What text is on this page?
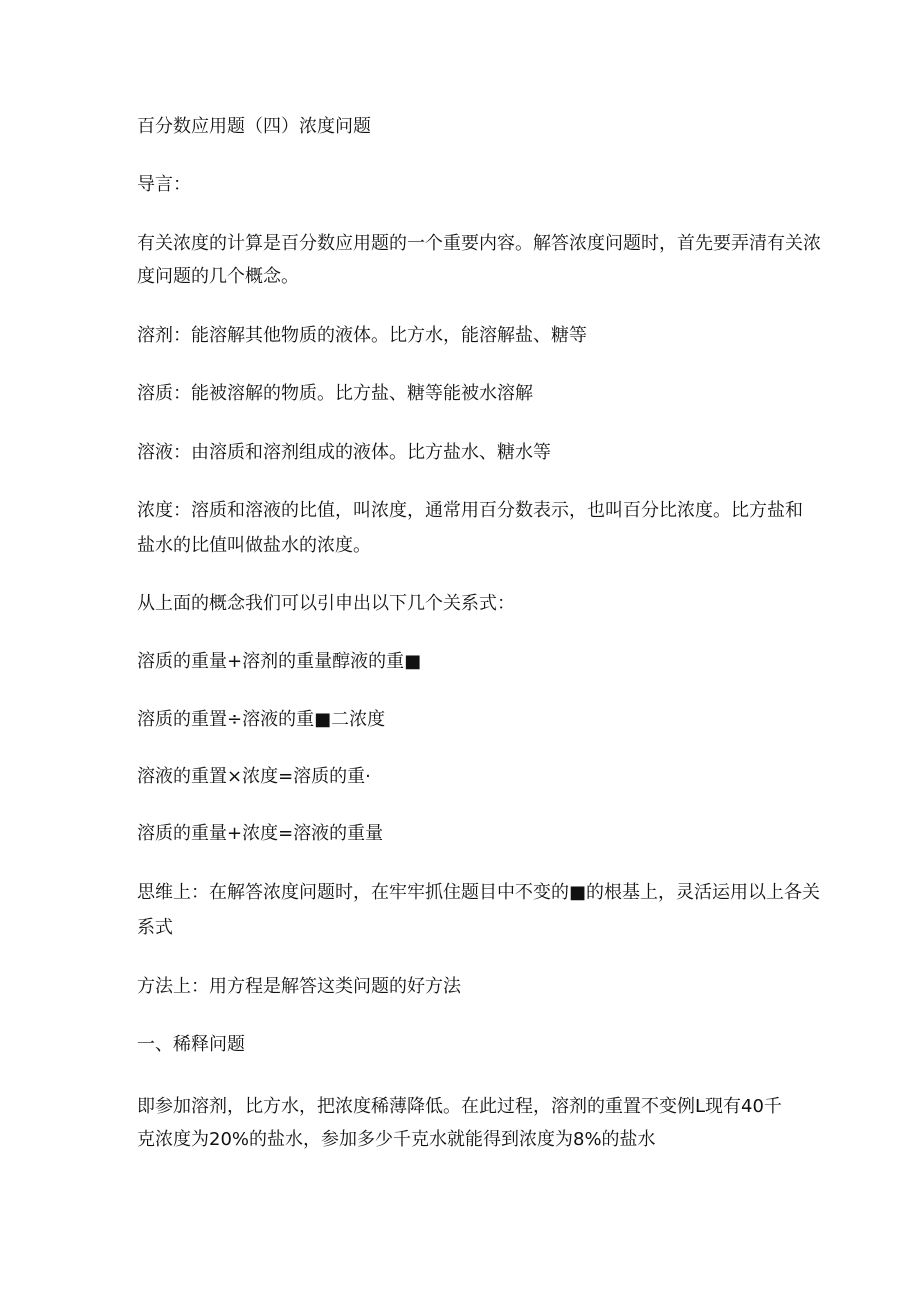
百分数应用题（四）浓度问题
导言：
有关浓度的计算是百分数应用题的一个重要内容。解答浓度问题时，首先要弄清有关浓
度问题的几个概念。
溶剂：能溶解其他物质的液体。比方水，能溶解盐、糖等
溶质：能被溶解的物质。比方盐、糖等能被水溶解
溶液：由溶质和溶剂组成的液体。比方盐水、糖水等
浓度：溶质和溶液的比值，叫浓度，通常用百分数表示，也叫百分比浓度。比方盐和
盐水的比值叫做盐水的浓度。
从上面的概念我们可以引申出以下几个关系式：
溶质的重量+溶剂的重量醇液的重■
溶质的重置÷溶液的重■二浓度
溶液的重置×浓度=溶质的重·
溶质的重量+浓度=溶液的重量
思维上：在解答浓度问题时，在牢牢抓住题目中不变的■的根基上，灵活运用以上各关
系式
方法上：用方程是解答这类问题的好方法
一、稀释问题
即参加溶剂，比方水，把浓度稀薄降低。在此过程，溶剂的重置不变例L现有40千
克浓度为20%的盐水，参加多少千克水就能得到浓度为8%的盐水
